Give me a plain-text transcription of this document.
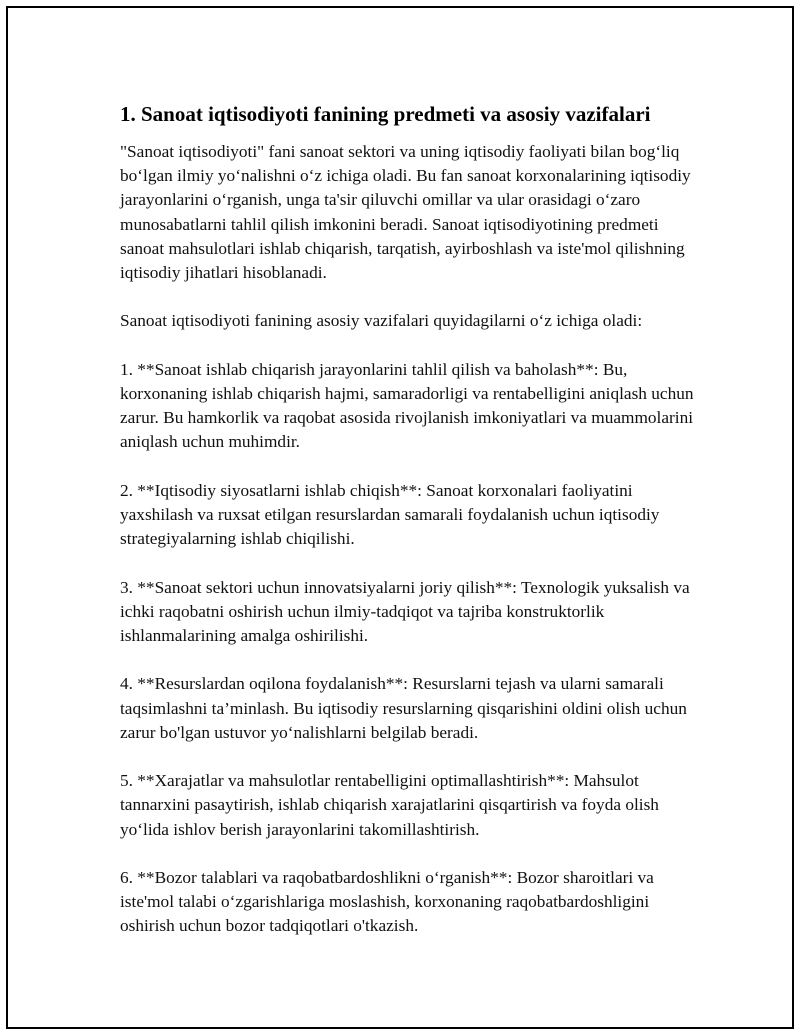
1. Sanoat iqtisodiyoti fanining predmeti va asosiy vazifalari

"Sanoat iqtisodiyoti" fani sanoat sektori va uning iqtisodiy faoliyati bilan bog‘liq bo‘lgan ilmiy yo‘nalishni o‘z ichiga oladi. Bu fan sanoat korxonalarining iqtisodiy jarayonlarini o‘rganish, unga ta'sir qiluvchi omillar va ular orasidagi o‘zaro munosabatlarni tahlil qilish imkonini beradi. Sanoat iqtisodiyotining predmeti sanoat mahsulotlari ishlab chiqarish, tarqatish, ayirboshlash va iste'mol qilishning iqtisodiy jihatlari hisoblanadi.

Sanoat iqtisodiyoti fanining asosiy vazifalari quyidagilarni o‘z ichiga oladi:

1. **Sanoat ishlab chiqarish jarayonlarini tahlil qilish va baholash**: Bu, korxonaning ishlab chiqarish hajmi, samaradorligi va rentabelligini aniqlash uchun zarur. Bu hamkorlik va raqobat asosida rivojlanish imkoniyatlari va muammolarini aniqlash uchun muhimdir.

2. **Iqtisodiy siyosatlarni ishlab chiqish**: Sanoat korxonalari faoliyatini yaxshilash va ruxsat etilgan resurslardan samarali foydalanish uchun iqtisodiy strategiyalarning ishlab chiqilishi.

3. **Sanoat sektori uchun innovatsiyalarni joriy qilish**: Texnologik yuksalish va ichki raqobatni oshirish uchun ilmiy-tadqiqot va tajriba konstruktorlik ishlanmalarining amalga oshirilishi.

4. **Resurslardan oqilona foydalanish**: Resurslarni tejash va ularni samarali taqsimlashni ta’minlash. Bu iqtisodiy resurslarning qisqarishini oldini olish uchun zarur bo'lgan ustuvor yo‘nalishlarni belgilab beradi.

5. **Xarajatlar va mahsulotlar rentabelligini optimallashtirish**: Mahsulot tannarxini pasaytirish, ishlab chiqarish xarajatlarini qisqartirish va foyda olish yo‘lida ishlov berish jarayonlarini takomillashtirish.

6. **Bozor talablari va raqobatbardoshlikni o‘rganish**: Bozor sharoitlari va iste'mol talabi o‘zgarishlariga moslashish, korxonaning raqobatbardoshligini oshirish uchun bozor tadqiqotlari o'tkazish.
